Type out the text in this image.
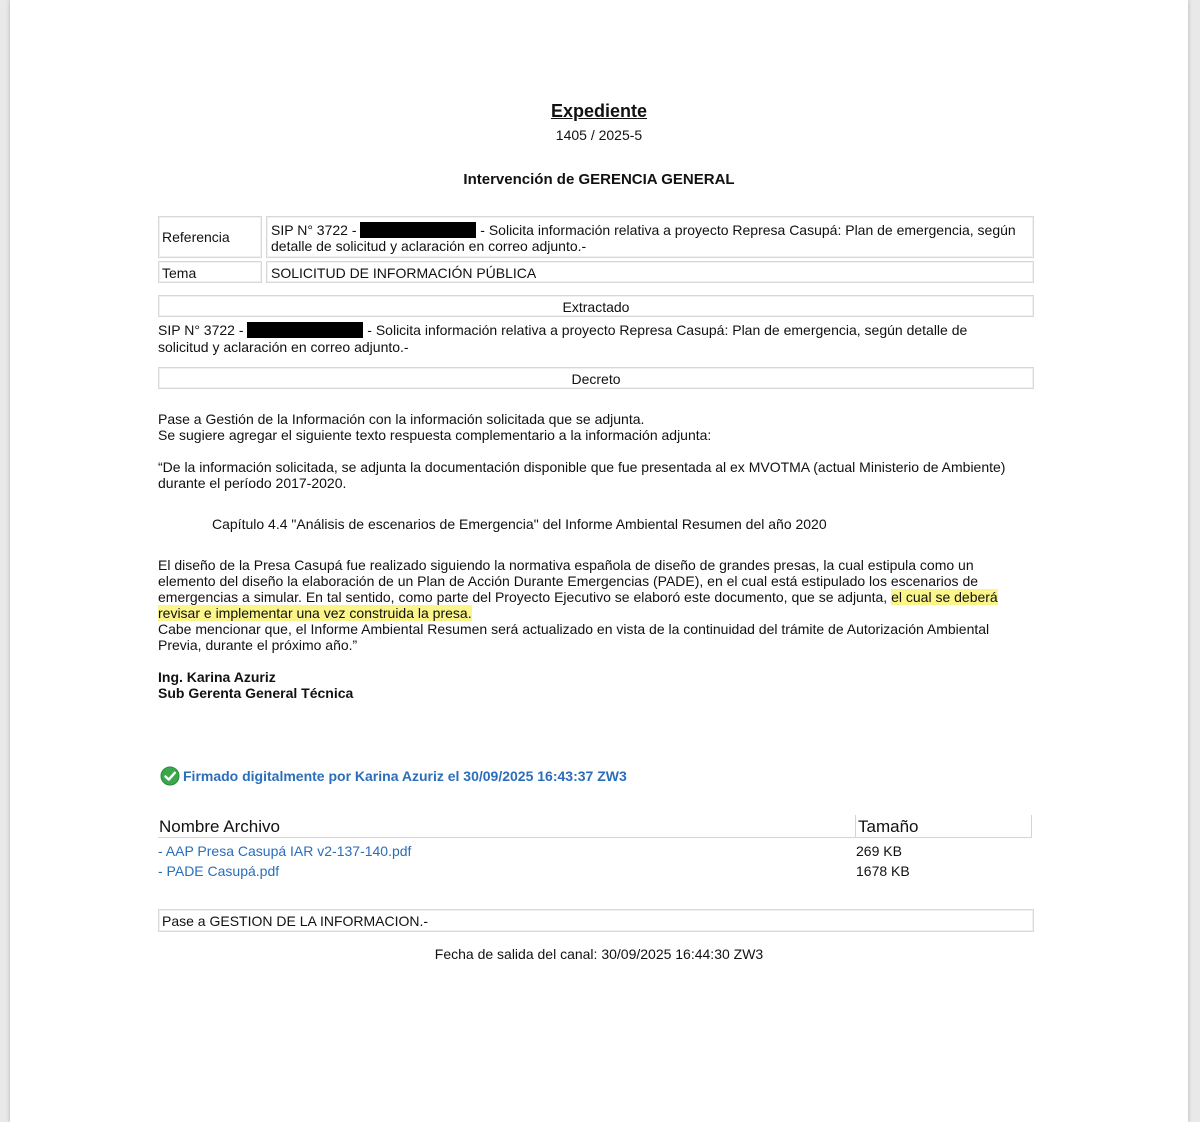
Expediente
1405 / 2025-5
Intervención de GERENCIA GENERAL
Referencia	SIP N° 3722 -	- Solicita información relativa a proyecto Represa Casupá: Plan de emergencia, según
detalle de solicitud y aclaración en correo adjunto.-
Tema	SOLICITUD DE INFORMACIÓN PÚBLICA
Extractado
SIP N° 3722 -	- Solicita información relativa a proyecto Represa Casupá: Plan de emergencia, según detalle de
solicitud y aclaración en correo adjunto.-
Decreto
Pase a Gestión de la Información con la información solicitada que se adjunta.
Se sugiere agregar el siguiente texto respuesta complementario a la información adjunta:
“De la información solicitada, se adjunta la documentación disponible que fue presentada al ex MVOTMA (actual Ministerio de Ambiente)
durante el período 2017-2020.
Capítulo 4.4 "Análisis de escenarios de Emergencia" del Informe Ambiental Resumen del año 2020
El diseño de la Presa Casupá fue realizado siguiendo la normativa española de diseño de grandes presas, la cual estipula como un
elemento del diseño la elaboración de un Plan de Acción Durante Emergencias (PADE), en el cual está estipulado los escenarios de
emergencias a simular. En tal sentido, como parte del Proyecto Ejecutivo se elaboró este documento, que se adjunta, el cual se deberá
revisar e implementar una vez construida la presa.
Cabe mencionar que, el Informe Ambiental Resumen será actualizado en vista de la continuidad del trámite de Autorización Ambiental
Previa, durante el próximo año.”
Ing. Karina Azuriz
Sub Gerenta General Técnica
Firmado digitalmente por Karina Azuriz el 30/09/2025 16:43:37 ZW3
Nombre Archivo	Tamaño
- AAP Presa Casupá IAR v2-137-140.pdf	269 KB
- PADE Casupá.pdf	1678 KB
Pase a GESTION DE LA INFORMACION.-
Fecha de salida del canal: 30/09/2025 16:44:30 ZW3
